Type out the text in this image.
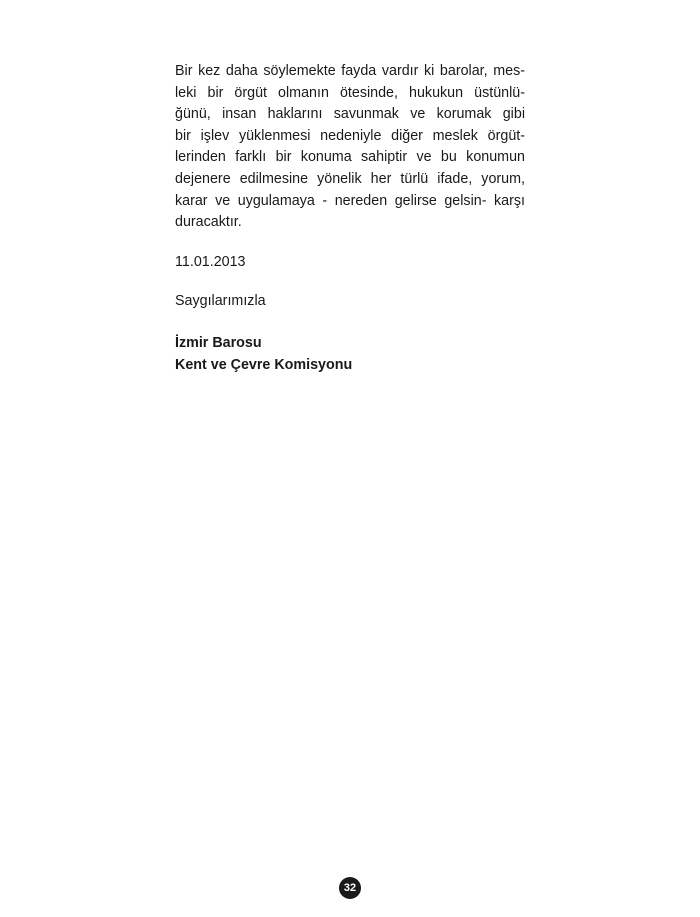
Bir kez daha söylemekte fayda vardır ki barolar, mes-
leki bir örgüt olmanın ötesinde, hukukun üstünlü-
ğünü, insan haklarını savunmak ve korumak gibi
bir işlev yüklenmesi nedeniyle diğer meslek örgüt-
lerinden farklı bir konuma sahiptir ve bu konumun
dejenere edilmesine yönelik her türlü ifade, yorum,
karar ve uygulamaya - nereden gelirse gelsin- karşı
duracaktır.
11.01.2013
Saygılarımızla
İzmir Barosu
Kent ve Çevre Komisyonu
32
